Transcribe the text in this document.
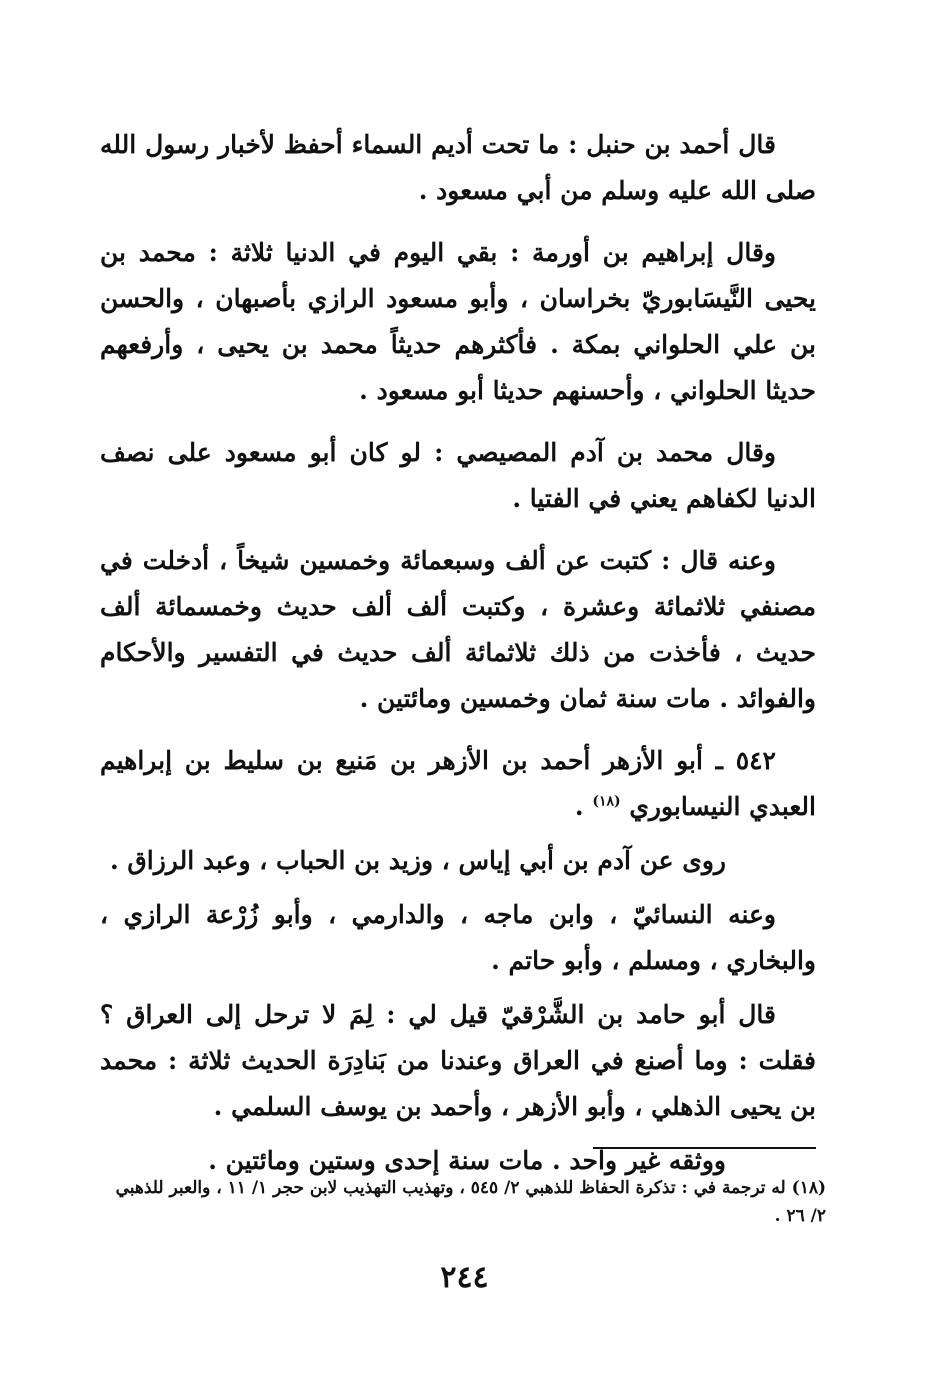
قال أحمد بن حنبل : ما تحت أديم السماء أحفظ لأخبار رسول الله صلى الله عليه وسلم من أبي مسعود .

وقال إبراهيم بن أورمة : بقي اليوم في الدنيا ثلاثة : محمد بن يحيى النَّيسَابوريّ بخراسان ، وأبو مسعود الرازي بأصبهان ، والحسن بن علي الحلواني بمكة . فأكثرهم حديثاً محمد بن يحيى ، وأرفعهم حديثا الحلواني ، وأحسنهم حديثا أبو مسعود .

وقال محمد بن آدم المصيصي : لو كان أبو مسعود على نصف الدنيا لكفاهم يعني في الفتيا .

وعنه قال : كتبت عن ألف وسبعمائة وخمسين شيخاً ، أدخلت في مصنفي ثلاثمائة وعشرة ، وكتبت ألف ألف حديث وخمسمائة ألف حديث ، فأخذت من ذلك ثلاثمائة ألف حديث في التفسير والأحكام والفوائد . مات سنة ثمان وخمسين ومائتين .

٥٤٢ ـ أبو الأزهر أحمد بن الأزهر بن مَنيع بن سليط بن إبراهيم العبدي النيسابوري $^{(١٨)}$ .

روى عن آدم بن أبي إياس ، وزيد بن الحباب ، وعبد الرزاق .

وعنه النسائيّ ، وابن ماجه ، والدارمي ، وأبو زُرْعة الرازي ، والبخاري ، ومسلم ، وأبو حاتم .

قال أبو حامد بن الشَّرْقيّ قيل لي : لِمَ لا ترحل إلى العراق ؟ فقلت : وما أصنع في العراق وعندنا من بَنادِرَة الحديث ثلاثة : محمد بن يحيى الذهلي ، وأبو الأزهر ، وأحمد بن يوسف السلمي .

ووثقه غير واحد . مات سنة إحدى وستين ومائتين .

(١٨) له ترجمة في : تذكرة الحفاظ للذهبي ٢/ ٥٤٥ ، وتهذيب التهذيب لابن حجر ١/ ١١ ، والعبر للذهبي ٢/ ٢٦ .
٢٤٤
